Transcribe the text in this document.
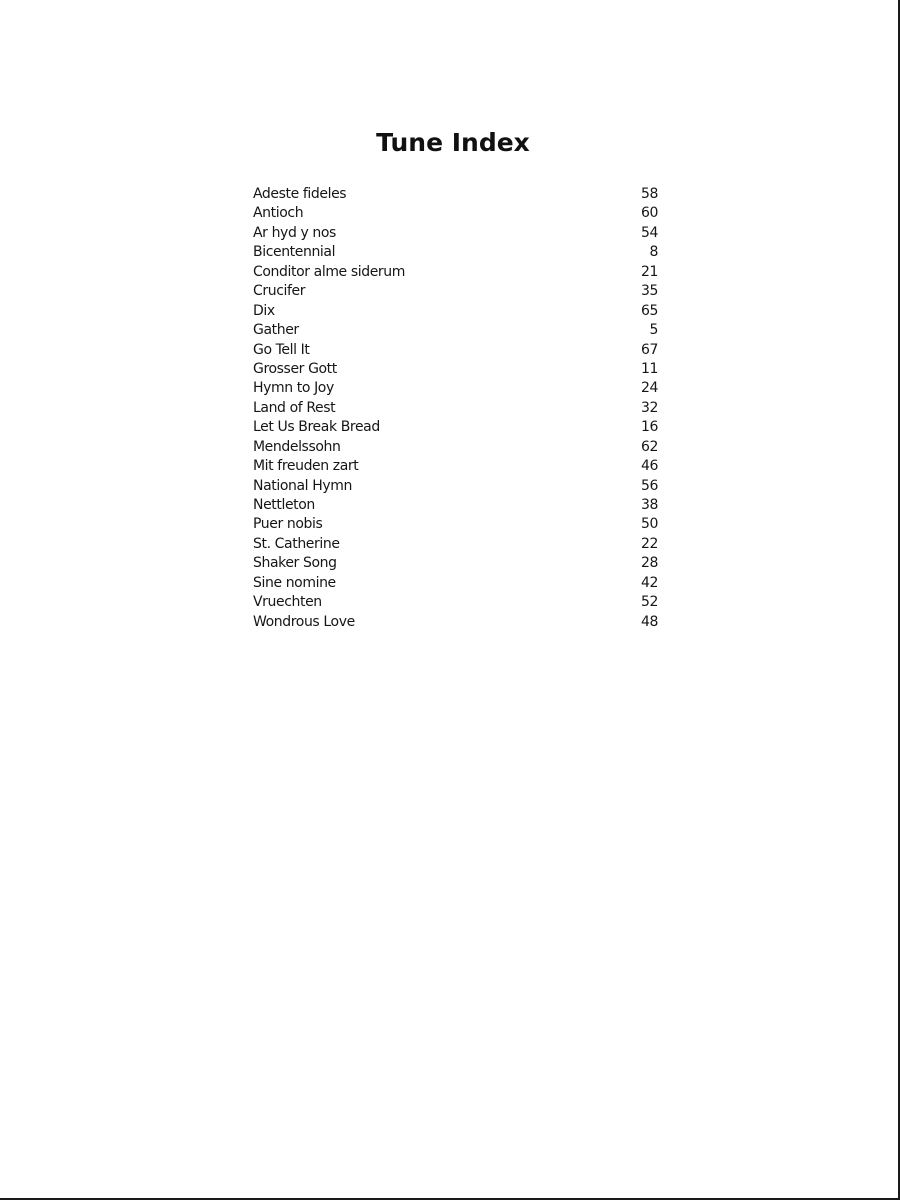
Tune Index
Adeste fideles	58
Antioch	60
Ar hyd y nos	54
Bicentennial	8
Conditor alme siderum	21
Crucifer	35
Dix	65
Gather	5
Go Tell It	67
Grosser Gott	11
Hymn to Joy	24
Land of Rest	32
Let Us Break Bread	16
Mendelssohn	62
Mit freuden zart	46
National Hymn	56
Nettleton	38
Puer nobis	50
St. Catherine	22
Shaker Song	28
Sine nomine	42
Vruechten	52
Wondrous Love	48
